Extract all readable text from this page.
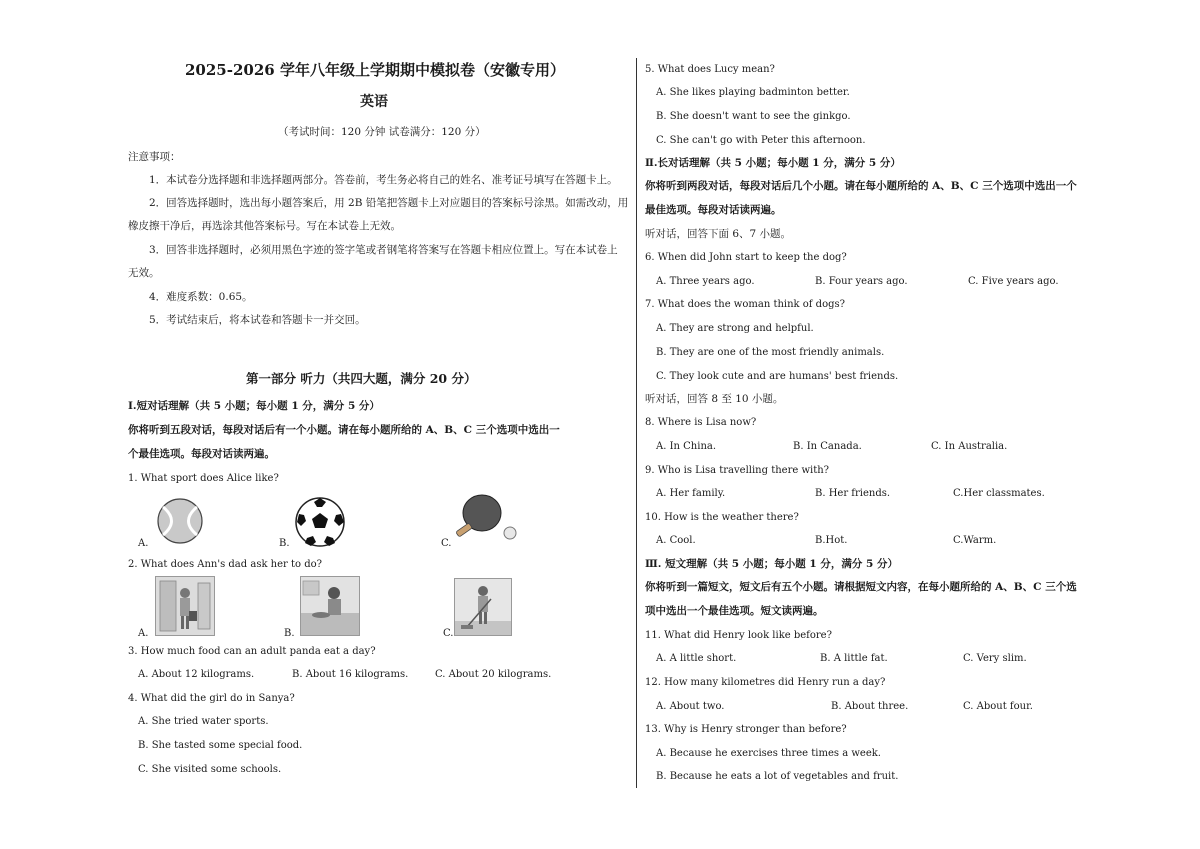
2025-2026 学年八年级上学期期中模拟卷（安徽专用）
英语
（考试时间：120 分钟 试卷满分：120 分）
注意事项：
1．本试卷分选择题和非选择题两部分。答卷前，考生务必将自己的姓名、准考证号填写在答题卡上。
2．回答选择题时，选出每小题答案后，用 2B 铅笔把答题卡上对应题目的答案标号涂黑。如需改动，用
橡皮擦干净后，再选涂其他答案标号。写在本试卷上无效。
3．回答非选择题时，必须用黑色字迹的签字笔或者钢笔将答案写在答题卡相应位置上。写在本试卷上
无效。
4．难度系数：0.65。
5．考试结束后，将本试卷和答题卡一并交回。
第一部分 听力（共四大题，满分 20 分）
Ⅰ.短对话理解（共 5 小题；每小题 1 分，满分 5 分）
你将听到五段对话，每段对话后有一个小题。请在每小题所给的 A、B、C 三个选项中选出一
个最佳选项。每段对话读两遍。
1. What sport does Alice like?
A.	B.	C.
2. What does Ann's dad ask her to do?
A.	B.	C.
3. How much food can an adult panda eat a day?
A. About 12 kilograms.	B. About 16 kilograms.	C. About 20 kilograms.
4. What did the girl do in Sanya?
A. She tried water sports.
B. She tasted some special food.
C. She visited some schools.
5. What does Lucy mean?
A. She likes playing badminton better.
B. She doesn't want to see the ginkgo.
C. She can't go with Peter this afternoon.
Ⅱ.长对话理解（共 5 小题；每小题 1 分，满分 5 分）
你将听到两段对话，每段对话后几个小题。请在每小题所给的 A、B、C 三个选项中选出一个
最佳选项。每段对话读两遍。
听对话，回答下面 6、7 小题。
6. When did John start to keep the dog?
A. Three years ago.	B. Four years ago.	C. Five years ago.
7. What does the woman think of dogs?
A. They are strong and helpful.
B. They are one of the most friendly animals.
C. They look cute and are humans' best friends.
听对话，回答 8 至 10 小题。
8. Where is Lisa now?
A. In China.	B. In Canada.	C. In Australia.
9. Who is Lisa travelling there with?
A. Her family.	B. Her friends.	C.Her classmates.
10. How is the weather there?
A. Cool.	B.Hot.	C.Warm.
Ⅲ. 短文理解（共 5 小题；每小题 1 分，满分 5 分）
你将听到一篇短文，短文后有五个小题。请根据短文内容，在每小题所给的 A、B、C 三个选
项中选出一个最佳选项。短文读两遍。
11. What did Henry look like before?
A. A little short.	B. A little fat.	C. Very slim.
12. How many kilometres did Henry run a day?
A. About two.	B. About three.	C. About four.
13. Why is Henry stronger than before?
A. Because he exercises three times a week.
B. Because he eats a lot of vegetables and fruit.
